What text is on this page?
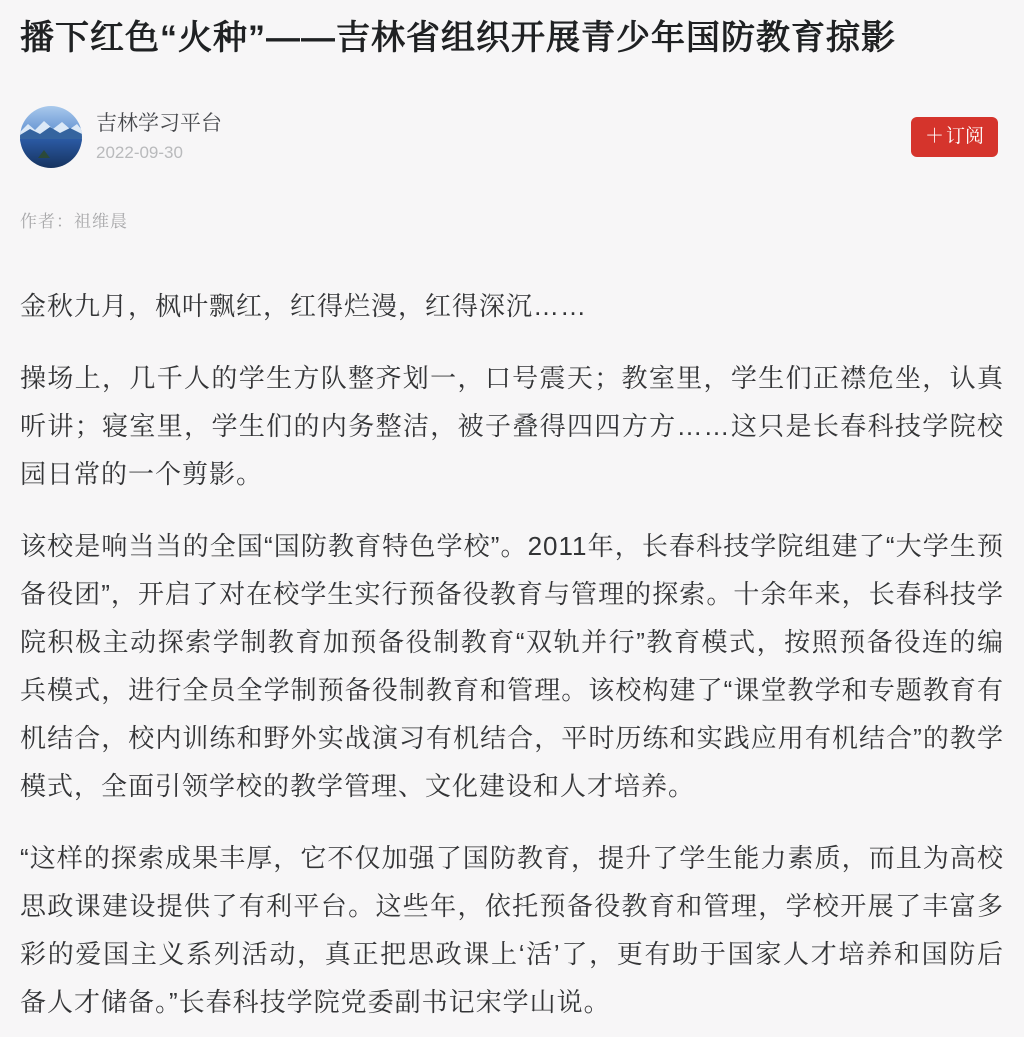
播下红色“火种”——吉林省组织开展青少年国防教育掠影
吉林学习平台
2022-09-30
＋ 订阅
作者：祖维晨

金秋九月，枫叶飘红，红得烂漫，红得深沉……

操场上，几千人的学生方队整齐划一，口号震天；教室里，学生们正襟危坐，认真听讲；寝室里，学生们的内务整洁，被子叠得四四方方……这只是长春科技学院校园日常的一个剪影。

该校是响当当的全国“国防教育特色学校”。2011年，长春科技学院组建了“大学生预备役团”，开启了对在校学生实行预备役教育与管理的探索。十余年来，长春科技学院积极主动探索学制教育加预备役制教育“双轨并行”教育模式，按照预备役连的编兵模式，进行全员全学制预备役制教育和管理。该校构建了“课堂教学和专题教育有机结合，校内训练和野外实战演习有机结合，平时历练和实践应用有机结合”的教学模式，全面引领学校的教学管理、文化建设和人才培养。

“这样的探索成果丰厚，它不仅加强了国防教育，提升了学生能力素质，而且为高校思政课建设提供了有利平台。这些年，依托预备役教育和管理，学校开展了丰富多彩的爱国主义系列活动，真正把思政课上‘活’了，更有助于国家人才培养和国防后备人才储备。”长春科技学院党委副书记宋学山说。
